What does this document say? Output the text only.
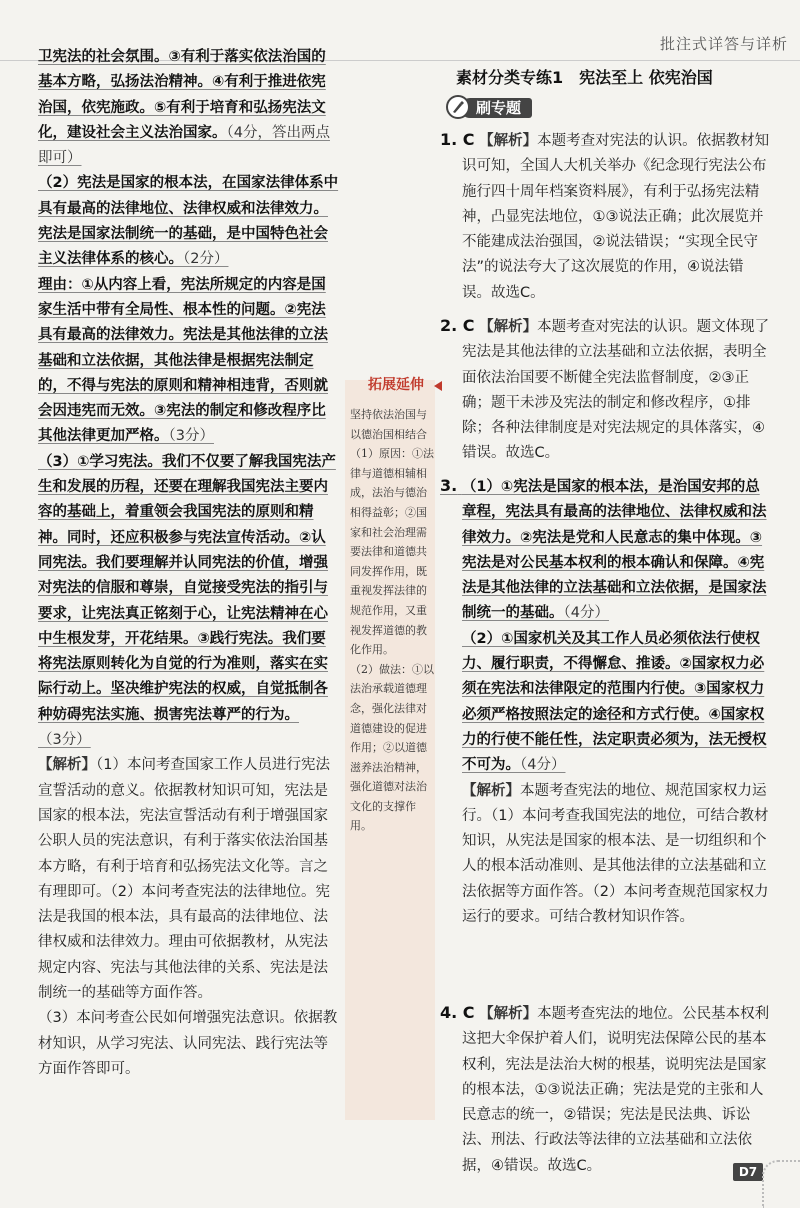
批注式详答与详析

卫宪法的社会氛围。③有利于落实依法治国的基本方略，弘扬法治精神。④有利于推进依宪治国，依宪施政。⑤有利于培育和弘扬宪法文化，建设社会主义法治国家。（4分，答出两点即可）

（2）宪法是国家的根本法，在国家法律体系中具有最高的法律地位、法律权威和法律效力。宪法是国家法制统一的基础，是中国特色社会主义法律体系的核心。（2分）

理由：①从内容上看，宪法所规定的内容是国家生活中带有全局性、根本性的问题。②宪法具有最高的法律效力。宪法是其他法律的立法基础和立法依据，其他法律是根据宪法制定的，不得与宪法的原则和精神相违背，否则就会因违宪而无效。③宪法的制定和修改程序比其他法律更加严格。（3分）

（3）①学习宪法。我们不仅要了解我国宪法产生和发展的历程，还要在理解我国宪法主要内容的基础上，着重领会我国宪法的原则和精神。同时，还应积极参与宪法宣传活动。②认同宪法。我们要理解并认同宪法的价值，增强对宪法的信服和尊崇，自觉接受宪法的指引与要求，让宪法真正铭刻于心，让宪法精神在心中生根发芽，开花结果。③践行宪法。我们要将宪法原则转化为自觉的行为准则，落实在实际行动上。坚决维护宪法的权威，自觉抵制各种妨碍宪法实施、损害宪法尊严的行为。（3分）

【解析】（1）本问考查国家工作人员进行宪法宣誓活动的意义。依据教材知识可知，宪法是国家的根本法，宪法宣誓活动有利于增强国家公职人员的宪法意识，有利于落实依法治国基本方略，有利于培育和弘扬宪法文化等。言之有理即可。（2）本问考查宪法的法律地位。宪法是我国的根本法，具有最高的法律地位、法律权威和法律效力。理由可依据教材，从宪法规定内容、宪法与其他法律的关系、宪法是法制统一的基础等方面作答。

（3）本问考查公民如何增强宪法意识。依据教材知识，从学习宪法、认同宪法、践行宪法等方面作答即可。

拓展延伸

坚持依法治国与以德治国相结合

（1）原因：①法律与道德相辅相成，法治与德治相得益彰；②国家和社会治理需要法律和道德共同发挥作用，既重视发挥法律的规范作用，又重视发挥道德的教化作用。

（2）做法：①以法治承载道德理念，强化法律对道德建设的促进作用；②以道德滋养法治精神，强化道德对法治文化的支撑作用。

素材分类专练1　宪法至上 依宪治国
刷专题

1. C 【解析】本题考查对宪法的认识。依据教材知识可知，全国人大机关举办《纪念现行宪法公布施行四十周年档案资料展》，有利于弘扬宪法精神，凸显宪法地位，①③说法正确；此次展览并不能建成法治强国，②说法错误；“实现全民守法”的说法夸大了这次展览的作用，④说法错误。故选C。

2. C 【解析】本题考查对宪法的认识。题文体现了宪法是其他法律的立法基础和立法依据，表明全面依法治国要不断健全宪法监督制度，②③正确；题干未涉及宪法的制定和修改程序，①排除；各种法律制度是对宪法规定的具体落实，④错误。故选C。

3. （1）①宪法是国家的根本法，是治国安邦的总章程，宪法具有最高的法律地位、法律权威和法律效力。②宪法是党和人民意志的集中体现。③宪法是对公民基本权利的根本确认和保障。④宪法是其他法律的立法基础和立法依据，是国家法制统一的基础。（4分）

（2）①国家机关及其工作人员必须依法行使权力、履行职责，不得懈怠、推诿。②国家权力必须在宪法和法律限定的范围内行使。③国家权力必须严格按照法定的途径和方式行使。④国家权力的行使不能任性，法定职责必须为，法无授权不可为。（4分）

【解析】本题考查宪法的地位、规范国家权力运行。（1）本问考查我国宪法的地位，可结合教材知识，从宪法是国家的根本法、是一切组织和个人的根本活动准则、是其他法律的立法基础和立法依据等方面作答。（2）本问考查规范国家权力运行的要求。可结合教材知识作答。

4. C 【解析】本题考查宪法的地位。公民基本权利这把大伞保护着人们，说明宪法保障公民的基本权利，宪法是法治大树的根基，说明宪法是国家的根本法，①③说法正确；宪法是党的主张和人民意志的统一，②错误；宪法是民法典、诉讼法、刑法、行政法等法律的立法基础和立法依据，④错误。故选C。	D7
